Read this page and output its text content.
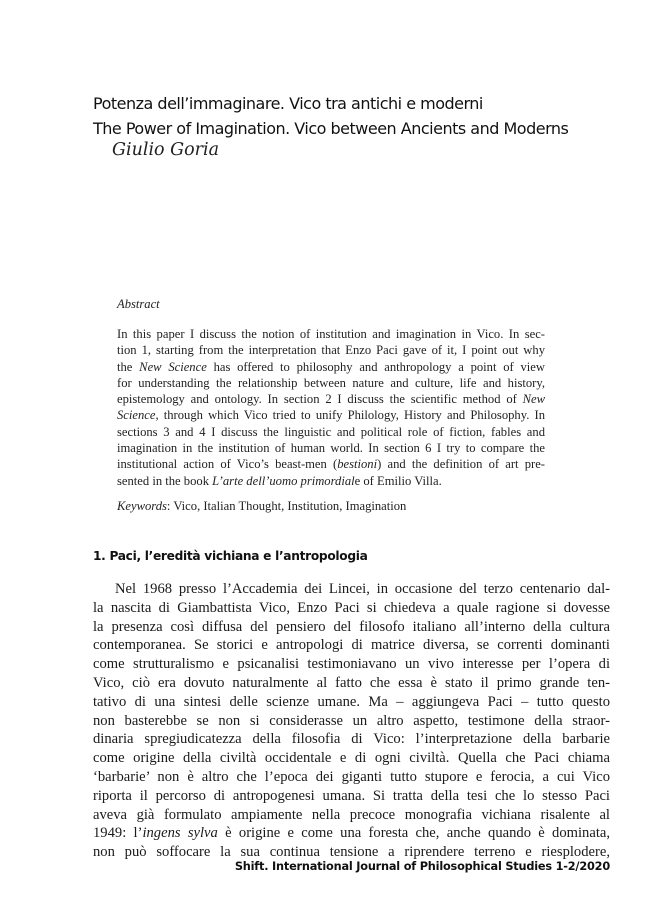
Potenza dell’immaginare. Vico tra antichi e moderni
The Power of Imagination. Vico between Ancients and Moderns
Giulio Goria
Abstract
In this paper I discuss the notion of institution and imagination in Vico. In sec-
tion 1, starting from the interpretation that Enzo Paci gave of it, I point out why
the New Science has offered to philosophy and anthropology a point of view
for understanding the relationship between nature and culture, life and history,
epistemology and ontology. In section 2 I discuss the scientific method of New
Science, through which Vico tried to unify Philology, History and Philosophy. In
sections 3 and 4 I discuss the linguistic and political role of fiction, fables and
imagination in the institution of human world. In section 6 I try to compare the
institutional action of Vico’s beast-men (bestioni) and the definition of art pre-
sented in the book L’arte dell’uomo primordiale of Emilio Villa.
Keywords: Vico, Italian Thought, Institution, Imagination
1. Paci, l’eredità vichiana e l’antropologia
Nel 1968 presso l’Accademia dei Lincei, in occasione del terzo centenario dal-
la nascita di Giambattista Vico, Enzo Paci si chiedeva a quale ragione si dovesse
la presenza così diffusa del pensiero del filosofo italiano all’interno della cultura
contemporanea. Se storici e antropologi di matrice diversa, se correnti dominanti
come strutturalismo e psicanalisi testimoniavano un vivo interesse per l’opera di
Vico, ciò era dovuto naturalmente al fatto che essa è stato il primo grande ten-
tativo di una sintesi delle scienze umane. Ma – aggiungeva Paci – tutto questo
non basterebbe se non si considerasse un altro aspetto, testimone della straor-
dinaria spregiudicatezza della filosofia di Vico: l’interpretazione della barbarie
come origine della civiltà occidentale e di ogni civiltà. Quella che Paci chiama
‘barbarie’ non è altro che l’epoca dei giganti tutto stupore e ferocia, a cui Vico
riporta il percorso di antropogenesi umana. Si tratta della tesi che lo stesso Paci
aveva già formulato ampiamente nella precoce monografia vichiana risalente al
1949: l’ingens sylva è origine e come una foresta che, anche quando è dominata,
non può soffocare la sua continua tensione a riprendere terreno e riesplodere,
Shift. International Journal of Philosophical Studies 1-2/2020
